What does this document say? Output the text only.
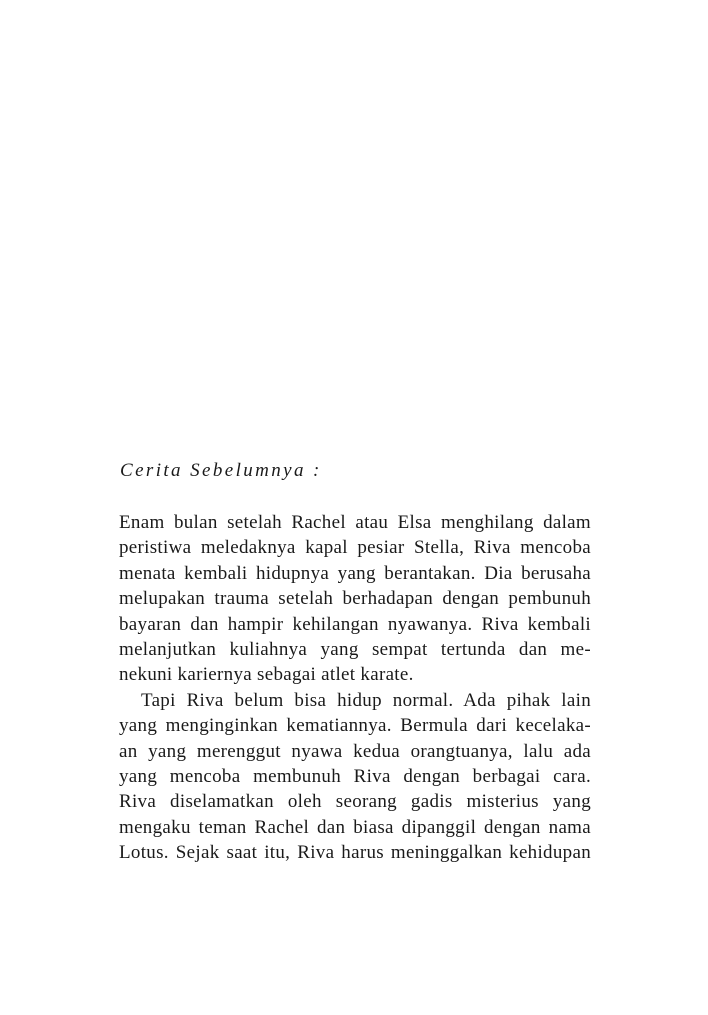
Cerita Sebelumnya :
Enam bulan setelah Rachel atau Elsa menghilang dalam
peristiwa meledaknya kapal pesiar Stella, Riva mencoba
menata kembali hidupnya yang berantakan. Dia berusaha
melupakan trauma setelah berhadapan dengan pembunuh
bayaran dan hampir kehilangan nyawanya. Riva kembali
melanjutkan kuliahnya yang sempat tertunda dan me-
nekuni kariernya sebagai atlet karate.
Tapi Riva belum bisa hidup normal. Ada pihak lain
yang menginginkan kematiannya. Bermula dari kecelaka-
an yang merenggut nyawa kedua orangtuanya, lalu ada
yang mencoba membunuh Riva dengan berbagai cara.
Riva diselamatkan oleh seorang gadis misterius yang
mengaku teman Rachel dan biasa dipanggil dengan nama
Lotus. Sejak saat itu, Riva harus meninggalkan kehidupan
